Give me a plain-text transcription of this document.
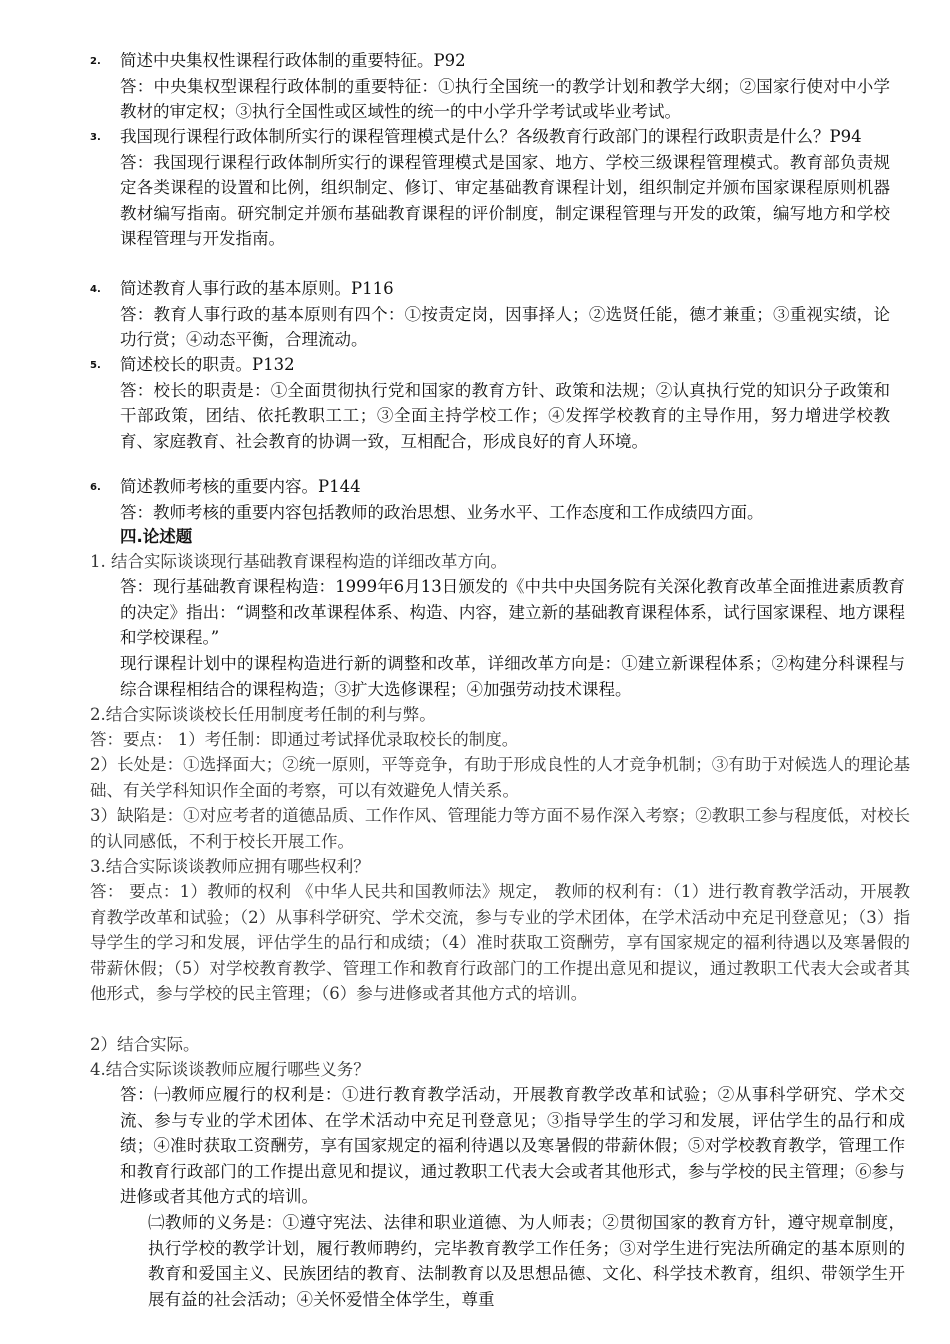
2. 简述中央集权性课程行政体制的重要特征。P92
答：中央集权型课程行政体制的重要特征：①执行全国统一的教学计划和教学大纲；②国家行使对中小学教材的审定权；③执行全国性或区域性的统一的中小学升学考试或毕业考试。
3. 我国现行课程行政体制所实行的课程管理模式是什么？各级教育行政部门的课程行政职责是什么？P94
答：我国现行课程行政体制所实行的课程管理模式是国家、地方、学校三级课程管理模式。教育部负责规定各类课程的设置和比例，组织制定、修订、审定基础教育课程计划，组织制定并颁布国家课程原则机器教材编写指南。研究制定并颁布基础教育课程的评价制度，制定课程管理与开发的政策，编写地方和学校课程管理与开发指南。
4. 简述教育人事行政的基本原则。P116
答：教育人事行政的基本原则有四个：①按责定岗，因事择人；②选贤任能，德才兼重；③重视实绩，论功行赏；④动态平衡，合理流动。
5. 简述校长的职责。P132
答：校长的职责是：①全面贯彻执行党和国家的教育方针、政策和法规；②认真执行党的知识分子政策和干部政策，团结、依托教职工工；③全面主持学校工作；④发挥学校教育的主导作用，努力增进学校教育、家庭教育、社会教育的协调一致，互相配合，形成良好的育人环境。
6. 简述教师考核的重要内容。P144
答：教师考核的重要内容包括教师的政治思想、业务水平、工作态度和工作成绩四方面。
四.论述题
1. 结合实际谈谈现行基础教育课程构造的详细改革方向。
答：现行基础教育课程构造：1999年6月13日颁发的《中共中央国务院有关深化教育改革全面推进素质教育的决定》指出：“调整和改革课程体系、构造、内容，建立新的基础教育课程体系，试行国家课程、地方课程和学校课程。”
现行课程计划中的课程构造进行新的调整和改革，详细改革方向是：①建立新课程体系；②构建分科课程与综合课程相结合的课程构造；③扩大选修课程；④加强劳动技术课程。
2.结合实际谈谈校长任用制度考任制的利与弊。
答：要点： 1）考任制：即通过考试择优录取校长的制度。
2）长处是：①选择面大；②统一原则，平等竞争，有助于形成良性的人才竞争机制；③有助于对候选人的理论基础、有关学科知识作全面的考察，可以有效避免人情关系。
3）缺陷是：①对应考者的道德品质、工作作风、管理能力等方面不易作深入考察；②教职工参与程度低，对校长的认同感低，不利于校长开展工作。
3.结合实际谈谈教师应拥有哪些权利？
答： 要点：1）教师的权利 《中华人民共和国教师法》规定， 教师的权利有：（1）进行教育教学活动，开展教育教学改革和试验；（2）从事科学研究、学术交流，参与专业的学术团体，在学术活动中充足刊登意见；（3）指导学生的学习和发展，评估学生的品行和成绩；（4）准时获取工资酬劳，享有国家规定的福利待遇以及寒暑假的带薪休假；（5）对学校教育教学、管理工作和教育行政部门的工作提出意见和提议，通过教职工代表大会或者其他形式，参与学校的民主管理；（6）参与进修或者其他方式的培训。
2）结合实际。
4.结合实际谈谈教师应履行哪些义务？
答：㈠教师应履行的权利是：①进行教育教学活动，开展教育教学改革和试验；②从事科学研究、学术交流、参与专业的学术团体、在学术活动中充足刊登意见；③指导学生的学习和发展，评估学生的品行和成绩；④准时获取工资酬劳，享有国家规定的福利待遇以及寒暑假的带薪休假；⑤对学校教育教学，管理工作和教育行政部门的工作提出意见和提议，通过教职工代表大会或者其他形式，参与学校的民主管理；⑥参与进修或者其他方式的培训。
㈡教师的义务是：①遵守宪法、法律和职业道德、为人师表；②贯彻国家的教育方针，遵守规章制度，执行学校的教学计划，履行教师聘约，完毕教育教学工作任务；③对学生进行宪法所确定的基本原则的教育和爱国主义、民族团结的教育、法制教育以及思想品德、文化、科学技术教育，组织、带领学生开展有益的社会活动；④关怀爱惜全体学生，尊重
